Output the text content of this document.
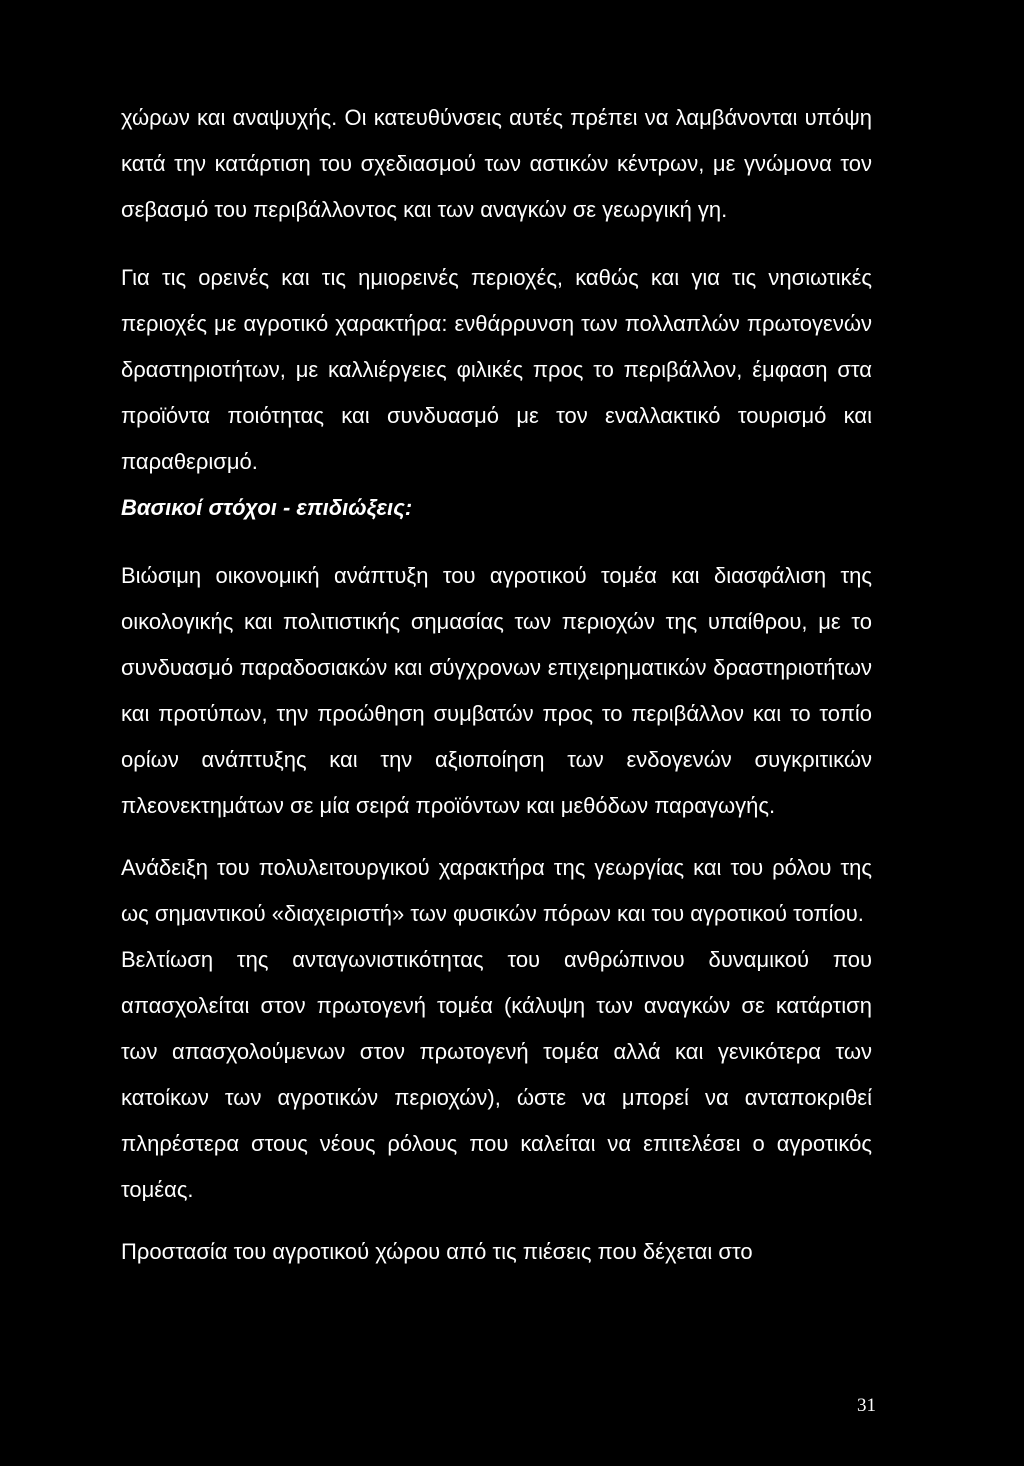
χώρων και αναψυχής. Οι κατευθύνσεις αυτές πρέπει να λαμβάνονται υπόψη κατά την κατάρτιση του σχεδιασμού των αστικών κέντρων, με γνώμονα τον σεβασμό του περιβάλλοντος και των αναγκών σε γεωργική γη.

Για τις ορεινές και τις ημιορεινές περιοχές, καθώς και για τις νησιωτικές περιοχές με αγροτικό χαρακτήρα: ενθάρρυνση των πολλαπλών πρωτογενών δραστηριοτήτων, με καλλιέργειες φιλικές προς το περιβάλλον, έμφαση στα προϊόντα ποιότητας και συνδυασμό με τον εναλλακτικό τουρισμό και παραθερισμό.

Βασικοί στόχοι - επιδιώξεις:

Βιώσιμη οικονομική ανάπτυξη του αγροτικού τομέα και διασφάλιση της οικολογικής και πολιτιστικής σημασίας των περιοχών της υπαίθρου, με το συνδυασμό παραδοσιακών και σύγχρονων επιχειρηματικών δραστηριοτήτων και προτύπων, την προώθηση συμβατών προς το περιβάλλον και το τοπίο ορίων ανάπτυξης και την αξιοποίηση των ενδογενών συγκριτικών πλεονεκτημάτων σε μία σειρά προϊόντων και μεθόδων παραγωγής.

Ανάδειξη του πολυλειτουργικού χαρακτήρα της γεωργίας και του ρόλου της ως σημαντικού «διαχειριστή» των φυσικών πόρων και του αγροτικού τοπίου.

Βελτίωση της ανταγωνιστικότητας του ανθρώπινου δυναμικού που απασχολείται στον πρωτογενή τομέα (κάλυψη των αναγκών σε κατάρτιση των απασχολούμενων στον πρωτογενή τομέα αλλά και γενικότερα των κατοίκων των αγροτικών περιοχών), ώστε να μπορεί να ανταποκριθεί πληρέστερα στους νέους ρόλους που καλείται να επιτελέσει ο αγροτικός τομέας.

Προστασία του αγροτικού χώρου από τις πιέσεις που δέχεται στο

31
